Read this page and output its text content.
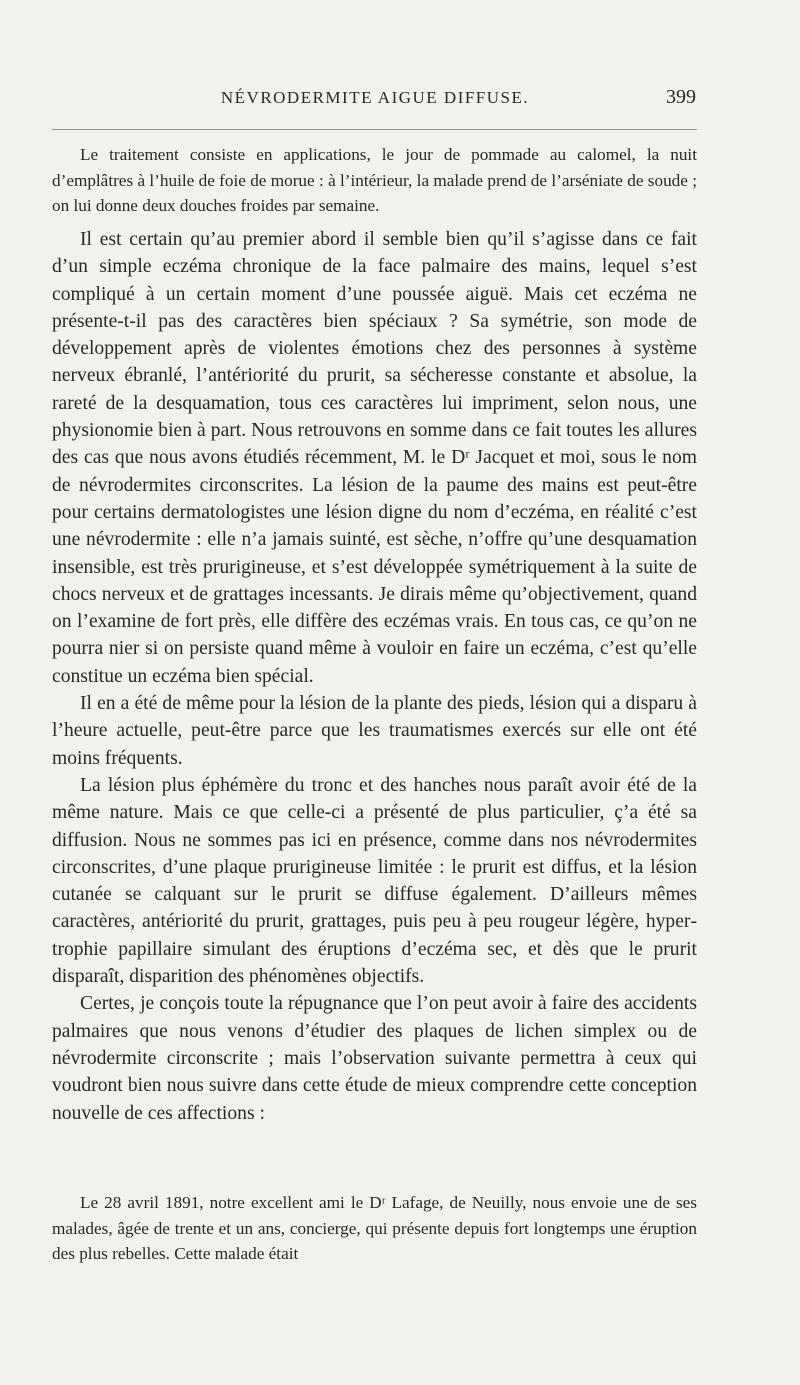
NÉVRODERMITE AIGUE DIFFUSE.	399

Le traitement consiste en applications, le jour de pommade au calomel, la nuit d’emplâtres à l’huile de foie de morue : à l’intérieur, la malade prend de l’arséniate de soude ; on lui donne deux douches froides par semaine.

Il est certain qu’au premier abord il semble bien qu’il s’agisse dans ce fait d’un simple eczéma chronique de la face palmaire des mains, lequel s’est compliqué à un certain moment d’une poussée aiguë. Mais cet eczéma ne présente-t-il pas des caractères bien spéciaux ? Sa symétrie, son mode de développement après de violentes émotions chez des personnes à système nerveux ébranlé, l’antériorité du prurit, sa sécheresse constante et absolue, la rareté de la desquamation, tous ces caractères lui impriment, selon nous, une physionomie bien à part. Nous retrouvons en somme dans ce fait toutes les allures des cas que nous avons étudiés récemment, M. le Dʳ Jacquet et moi, sous le nom de névrodermites circonscrites. La lésion de la paume des mains est peut-être pour certains dermatologistes une lésion digne du nom d’eczéma, en réalité c’est une névrodermite : elle n’a jamais suinté, est sèche, n’offre qu’une desquamation insensible, est très prurigineuse, et s’est développée symétriquement à la suite de chocs nerveux et de grattages incessants. Je dirais même qu’objectivement, quand on l’examine de fort près, elle diffère des eczémas vrais. En tous cas, ce qu’on ne pourra nier si on persiste quand même à vouloir en faire un eczéma, c’est qu’elle constitue un eczéma bien spécial.

Il en a été de même pour la lésion de la plante des pieds, lésion qui a disparu à l’heure actuelle, peut-être parce que les traumatismes exercés sur elle ont été moins fréquents.

La lésion plus éphémère du tronc et des hanches nous paraît avoir été de la même nature. Mais ce que celle-ci a présenté de plus particulier, ç’a été sa diffusion. Nous ne sommes pas ici en présence, comme dans nos névrodermites circonscrites, d’une plaque prurigineuse limitée : le prurit est diffus, et la lésion cutanée se calquant sur le prurit se diffuse également. D’ailleurs mêmes caractères, antériorité du prurit, grattages, puis peu à peu rougeur légère, hypertrophie papillaire simulant des éruptions d’eczéma sec, et dès que le prurit disparaît, disparition des phénomènes objectifs.

Certes, je conçois toute la répugnance que l’on peut avoir à faire des accidents palmaires que nous venons d’étudier des plaques de lichen simplex ou de névrodermite circonscrite ; mais l’observation suivante permettra à ceux qui voudront bien nous suivre dans cette étude de mieux comprendre cette conception nouvelle de ces affections :

Le 28 avril 1891, notre excellent ami le Dʳ Lafage, de Neuilly, nous envoie une de ses malades, âgée de trente et un ans, concierge, qui présente depuis fort longtemps une éruption des plus rebelles. Cette malade était
